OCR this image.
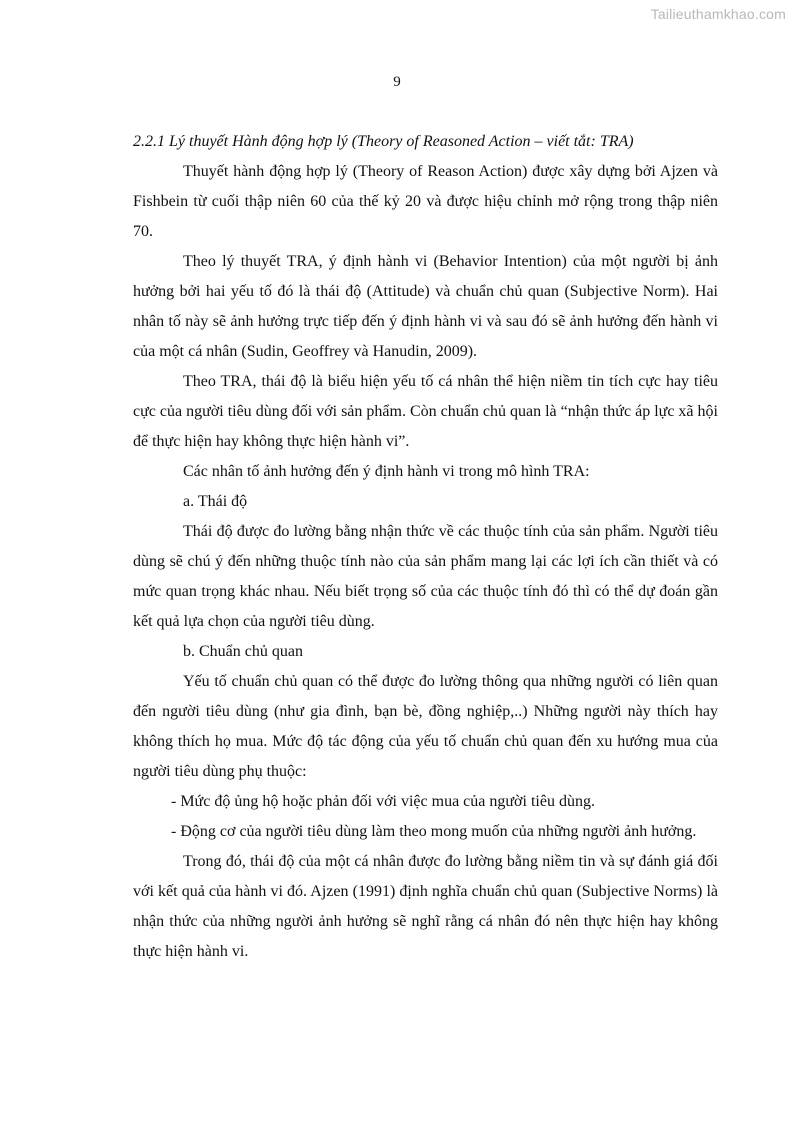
Tailieuthamkhao.com
9

2.2.1 Lý thuyết Hành động hợp lý (Theory of Reasoned Action – viết tắt: TRA)

Thuyết hành động hợp lý (Theory of Reason Action) được xây dựng bởi Ajzen và Fishbein từ cuối thập niên 60 của thế kỷ 20 và được hiệu chỉnh mở rộng trong thập niên 70.

Theo lý thuyết TRA, ý định hành vi (Behavior Intention) của một người bị ảnh hưởng bởi hai yếu tố đó là thái độ (Attitude) và chuẩn chủ quan (Subjective Norm). Hai nhân tố này sẽ ảnh hưởng trực tiếp đến ý định hành vi và sau đó sẽ ảnh hưởng đến hành vi của một cá nhân (Sudin, Geoffrey và Hanudin, 2009).

Theo TRA, thái độ là biểu hiện yếu tố cá nhân thể hiện niềm tin tích cực hay tiêu cực của người tiêu dùng đối với sản phẩm. Còn chuẩn chủ quan là “nhận thức áp lực xã hội để thực hiện hay không thực hiện hành vi”.

Các nhân tố ảnh hưởng đến ý định hành vi trong mô hình TRA:

a. Thái độ

Thái độ được đo lường bằng nhận thức về các thuộc tính của sản phẩm. Người tiêu dùng sẽ chú ý đến những thuộc tính nào của sản phẩm mang lại các lợi ích cần thiết và có mức quan trọng khác nhau. Nếu biết trọng số của các thuộc tính đó thì có thể dự đoán gần kết quả lựa chọn của người tiêu dùng.

b. Chuẩn chủ quan

Yếu tố chuẩn chủ quan có thể được đo lường thông qua những người có liên quan đến người tiêu dùng (như gia đình, bạn bè, đồng nghiệp,..) Những người này thích hay không thích họ mua. Mức độ tác động của yếu tố chuẩn chủ quan đến xu hướng mua của người tiêu dùng phụ thuộc:

- Mức độ ủng hộ hoặc phản đối với việc mua của người tiêu dùng.

- Động cơ của người tiêu dùng làm theo mong muốn của những người ảnh hưởng.

Trong đó, thái độ của một cá nhân được đo lường bằng niềm tin và sự đánh giá đối với kết quả của hành vi đó. Ajzen (1991) định nghĩa chuẩn chủ quan (Subjective Norms) là nhận thức của những người ảnh hưởng sẽ nghĩ rằng cá nhân đó nên thực hiện hay không thực hiện hành vi.
